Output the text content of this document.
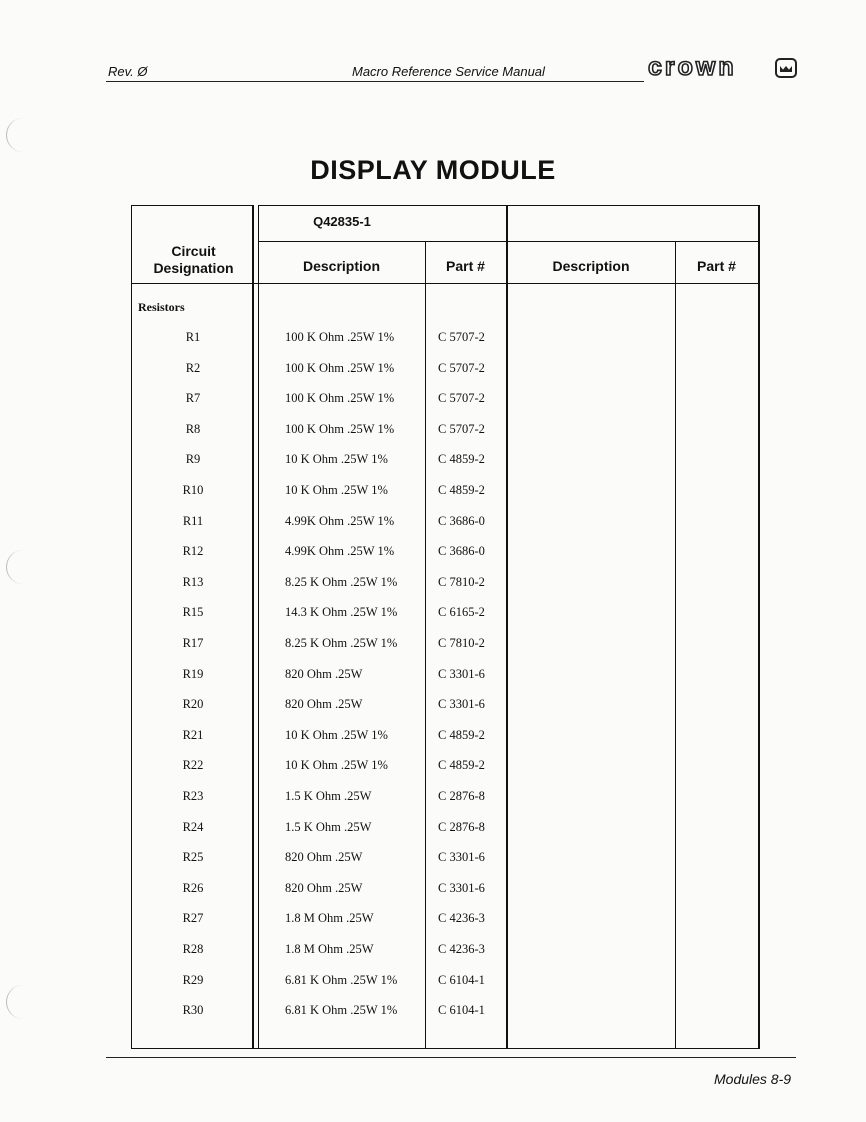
Rev. Ø	Macro Reference Service Manual	crown
DISPLAY MODULE
Q42835-1
Circuit Designation	Description	Part #	Description	Part #
Resistors
R1	100 K Ohm .25W 1%	C 5707-2
R2	100 K Ohm .25W 1%	C 5707-2
R7	100 K Ohm .25W 1%	C 5707-2
R8	100 K Ohm .25W 1%	C 5707-2
R9	10 K Ohm .25W 1%	C 4859-2
R10	10 K Ohm .25W 1%	C 4859-2
R11	4.99K Ohm .25W 1%	C 3686-0
R12	4.99K Ohm .25W 1%	C 3686-0
R13	8.25 K Ohm .25W 1%	C 7810-2
R15	14.3 K Ohm .25W 1%	C 6165-2
R17	8.25 K Ohm .25W 1%	C 7810-2
R19	820 Ohm .25W	C 3301-6
R20	820 Ohm .25W	C 3301-6
R21	10 K Ohm .25W 1%	C 4859-2
R22	10 K Ohm .25W 1%	C 4859-2
R23	1.5 K Ohm .25W	C 2876-8
R24	1.5 K Ohm .25W	C 2876-8
R25	820 Ohm .25W	C 3301-6
R26	820 Ohm .25W	C 3301-6
R27	1.8 M Ohm .25W	C 4236-3
R28	1.8 M Ohm .25W	C 4236-3
R29	6.81 K Ohm .25W 1%	C 6104-1
R30	6.81 K Ohm .25W 1%	C 6104-1
Modules 8-9
